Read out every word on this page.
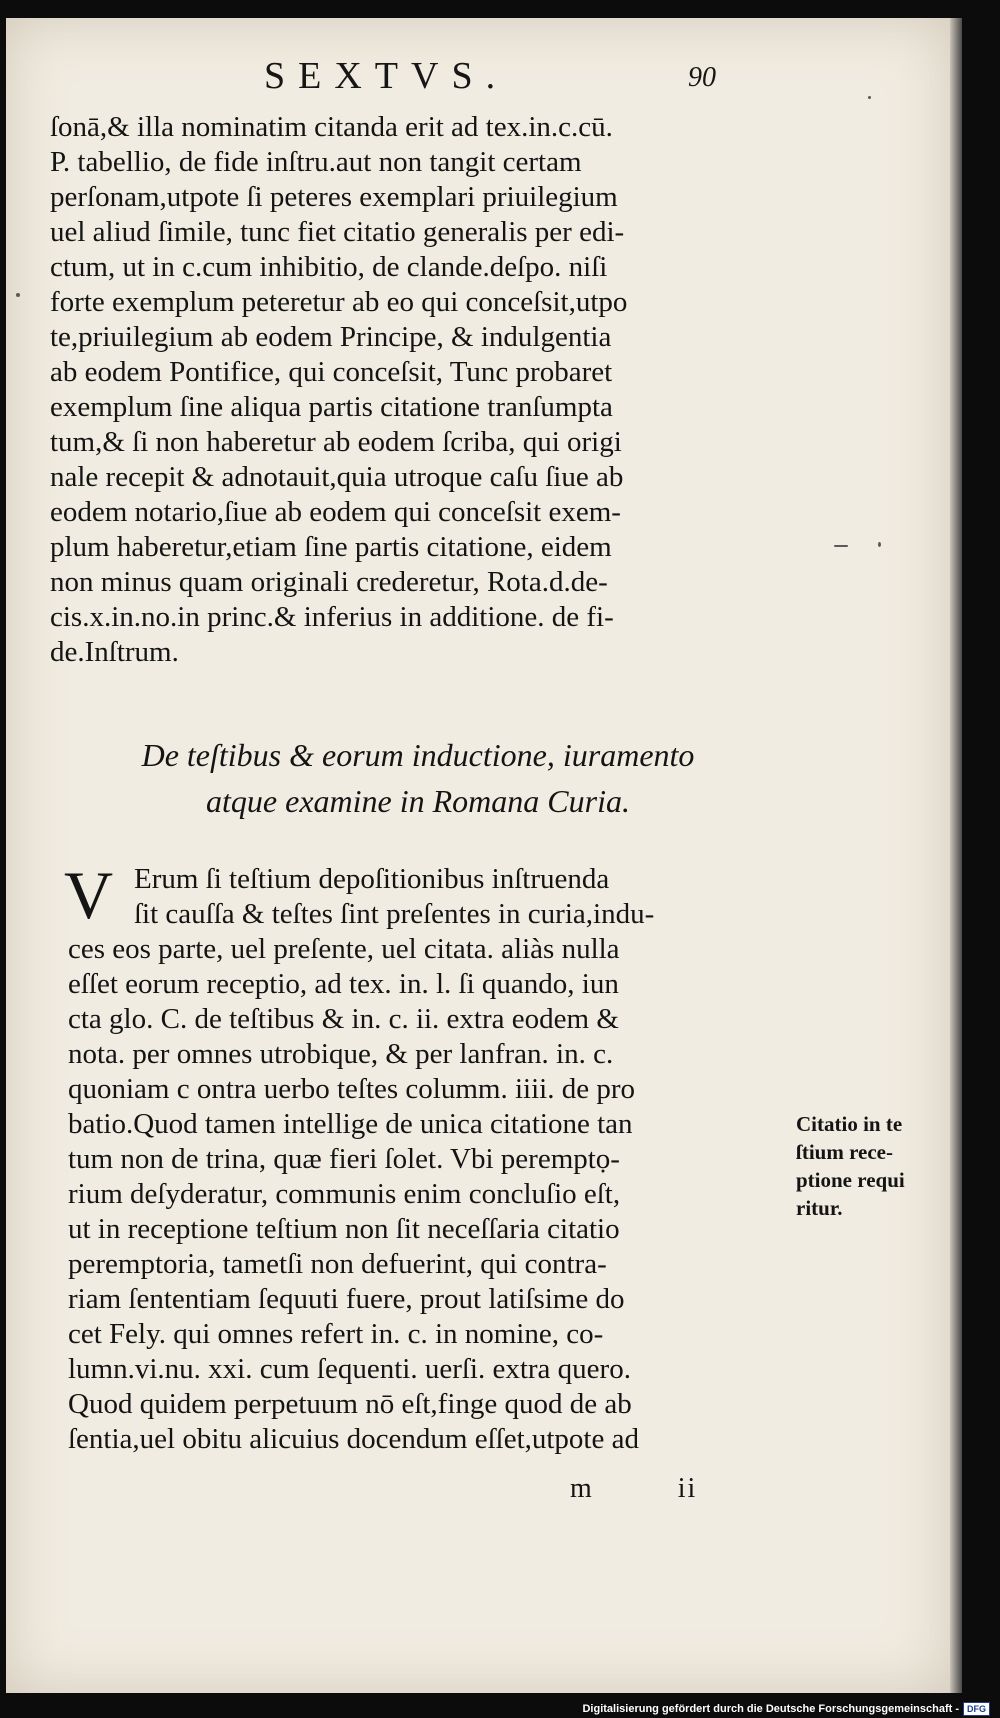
SEXTVS.	90
ſonā,& illa nominatim citanda erit ad tex.in.c.cū.
P. tabellio, de fide inſtru.aut non tangit certam
perſonam,utpote ſi peteres exemplari priuilegium
uel aliud ſimile, tunc fiet citatio generalis per edi-
ctum, ut in c.cum inhibitio, de clande.deſpo. niſi
forte exemplum peteretur ab eo qui conceſsit,utpo
te,priuilegium ab eodem Principe, & indulgentia
ab eodem Pontifice, qui conceſsit, Tunc probaret
exemplum ſine aliqua partis citatione tranſumpta
tum,& ſi non haberetur ab eodem ſcriba, qui origi
nale recepit & adnotauit,quia utroque caſu ſiue ab
eodem notario,ſiue ab eodem qui conceſsit exem-
plum haberetur,etiam ſine partis citatione, eidem
non minus quam originali crederetur, Rota.d.de-
cis.x.in.no.in princ.& inferius in additione. de fi-
de.Inſtrum.
De teſtibus & eorum inductione, iuramento
atque examine in Romana Curia.
V Erum ſi teſtium depoſitionibus inſtruenda
ſit cauſſa & teſtes ſint preſentes in curia,indu-
ces eos parte, uel preſente, uel citata. aliàs nulla
eſſet eorum receptio, ad tex. in. l. ſi quando, iun
cta glo. C. de teſtibus & in. c. ii. extra eodem &
nota. per omnes utrobique, & per lanfran. in. c.
quoniam c ontra uerbo teſtes columm. iiii. de pro
batio.Quod tamen intellige de unica citatione tan
tum non de trina, quæ fieri ſolet. Vbi peremptọ-
rium deſyderatur, communis enim concluſio eſt,
ut in receptione teſtium non ſit neceſſaria citatio
peremptoria, tametſi non defuerint, qui contra-
riam ſententiam ſequuti fuere, prout latiſsime do
cet Fely. qui omnes refert in. c. in nomine, co-
lumn.vi.nu. xxi. cum ſequenti. uerſi. extra quero.
Quod quidem perpetuum nō eſt,finge quod de ab
ſentia,uel obitu alicuius docendum eſſet,utpote ad
Citatio in te
ſtium rece-
ptione requi
ritur.
m	ii
Digitalisierung gefördert durch die Deutsche Forschungsgemeinschaft - DFG
